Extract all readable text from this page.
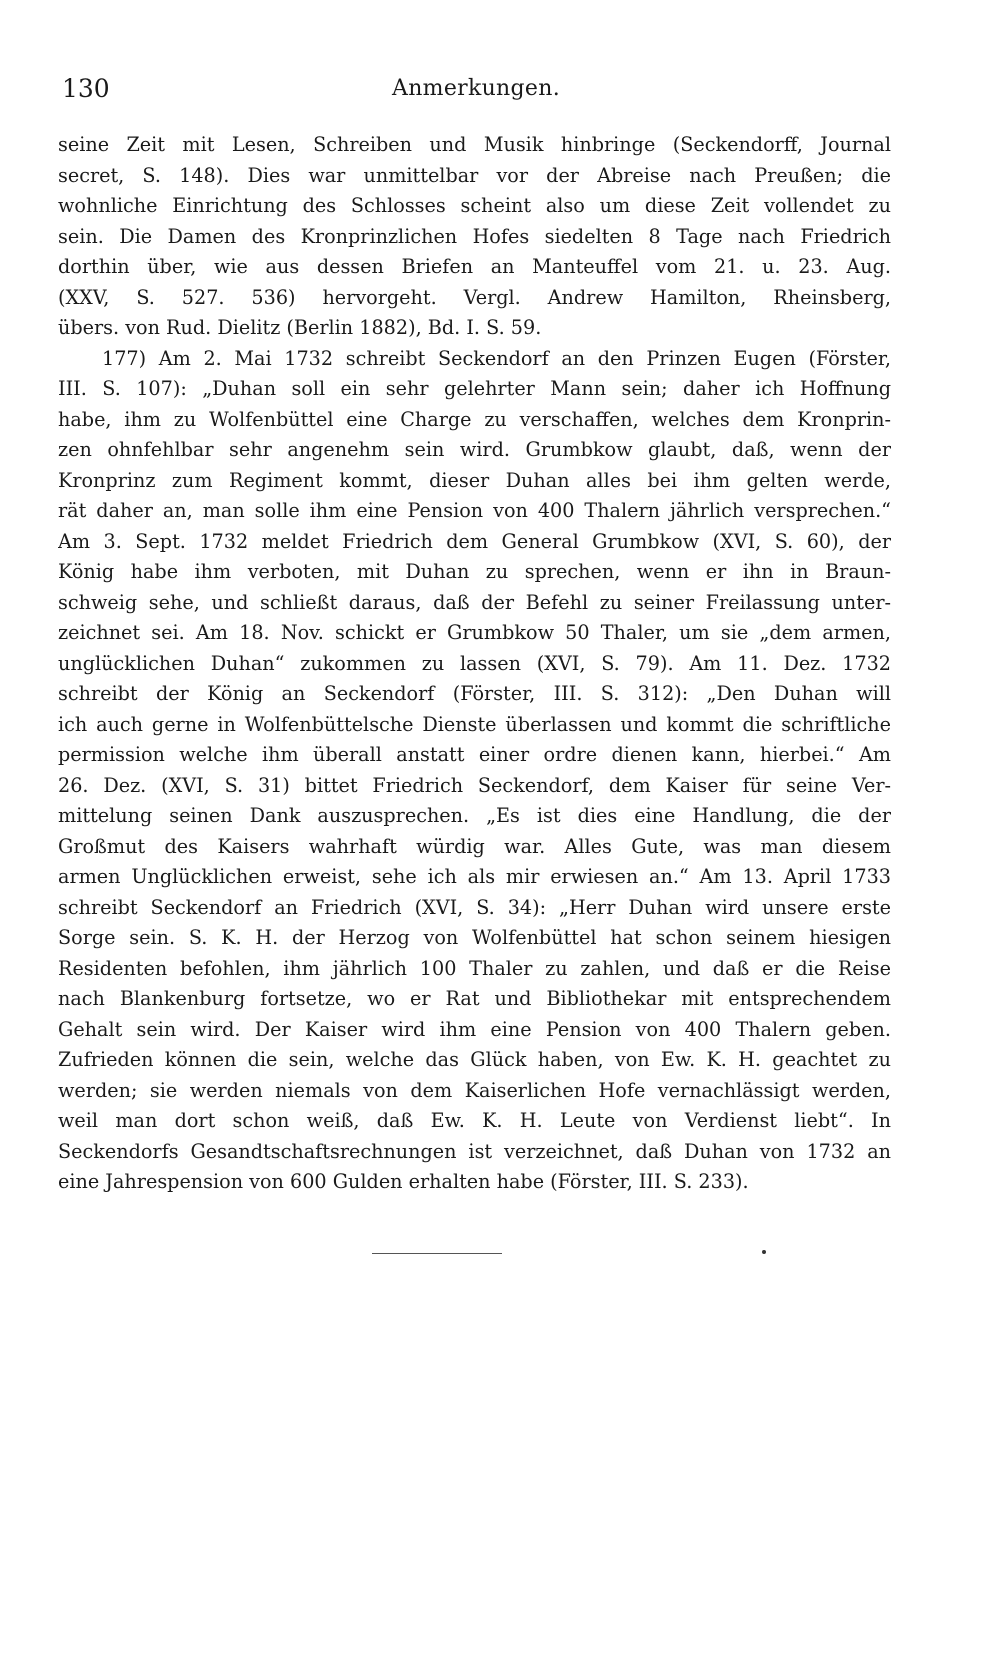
130	Anmerkungen.
seine Zeit mit Lesen, Schreiben und Musik hinbringe (Seckendorff, Journal
secret, S. 148). Dies war unmittelbar vor der Abreise nach Preußen; die
wohnliche Einrichtung des Schlosses scheint also um diese Zeit vollendet zu
sein. Die Damen des Kronprinzlichen Hofes siedelten 8 Tage nach Friedrich
dorthin über, wie aus dessen Briefen an Manteuffel vom 21. u. 23. Aug.
(XXV, S. 527. 536) hervorgeht. Vergl. Andrew Hamilton, Rheinsberg,
übers. von Rud. Dielitz (Berlin 1882), Bd. I. S. 59.
177) Am 2. Mai 1732 schreibt Seckendorf an den Prinzen Eugen (Förster,
III. S. 107): „Duhan soll ein sehr gelehrter Mann sein; daher ich Hoffnung
habe, ihm zu Wolfenbüttel eine Charge zu verschaffen, welches dem Kronprin-
zen ohnfehlbar sehr angenehm sein wird. Grumbkow glaubt, daß, wenn der
Kronprinz zum Regiment kommt, dieser Duhan alles bei ihm gelten werde,
rät daher an, man solle ihm eine Pension von 400 Thalern jährlich versprechen.“
Am 3. Sept. 1732 meldet Friedrich dem General Grumbkow (XVI, S. 60), der
König habe ihm verboten, mit Duhan zu sprechen, wenn er ihn in Braun-
schweig sehe, und schließt daraus, daß der Befehl zu seiner Freilassung unter-
zeichnet sei. Am 18. Nov. schickt er Grumbkow 50 Thaler, um sie „dem armen,
unglücklichen Duhan“ zukommen zu lassen (XVI, S. 79). Am 11. Dez. 1732
schreibt der König an Seckendorf (Förster, III. S. 312): „Den Duhan will
ich auch gerne in Wolfenbüttelsche Dienste überlassen und kommt die schriftliche
permission welche ihm überall anstatt einer ordre dienen kann, hierbei.“ Am
26. Dez. (XVI, S. 31) bittet Friedrich Seckendorf, dem Kaiser für seine Ver-
mittelung seinen Dank auszusprechen. „Es ist dies eine Handlung, die der
Großmut des Kaisers wahrhaft würdig war. Alles Gute, was man diesem
armen Unglücklichen erweist, sehe ich als mir erwiesen an.“ Am 13. April 1733
schreibt Seckendorf an Friedrich (XVI, S. 34): „Herr Duhan wird unsere erste
Sorge sein. S. K. H. der Herzog von Wolfenbüttel hat schon seinem hiesigen
Residenten befohlen, ihm jährlich 100 Thaler zu zahlen, und daß er die Reise
nach Blankenburg fortsetze, wo er Rat und Bibliothekar mit entsprechendem
Gehalt sein wird. Der Kaiser wird ihm eine Pension von 400 Thalern geben.
Zufrieden können die sein, welche das Glück haben, von Ew. K. H. geachtet zu
werden; sie werden niemals von dem Kaiserlichen Hofe vernachlässigt werden,
weil man dort schon weiß, daß Ew. K. H. Leute von Verdienst liebt“. In
Seckendorfs Gesandtschaftsrechnungen ist verzeichnet, daß Duhan von 1732 an
eine Jahrespension von 600 Gulden erhalten habe (Förster, III. S. 233).
